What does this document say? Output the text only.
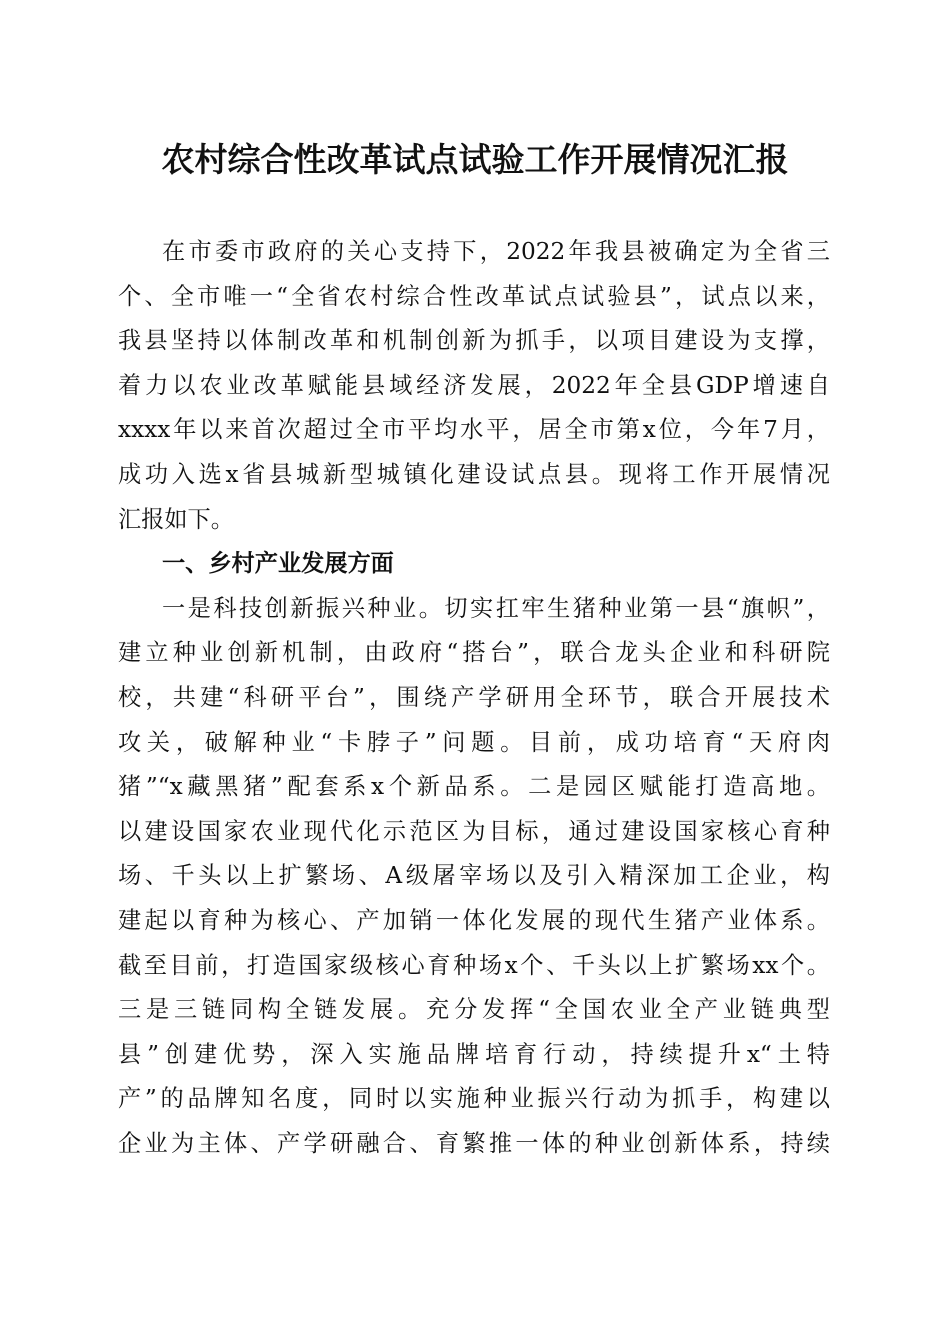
农村综合性改革试点试验工作开展情况汇报
在市委市政府的关心支持下，2022年我县被确定为全省三
个、全市唯一“全省农村综合性改革试点试验县”，试点以来，
我县坚持以体制改革和机制创新为抓手，以项目建设为支撑，
着力以农业改革赋能县域经济发展，2022年全县GDP增速自
xxxx年以来首次超过全市平均水平，居全市第x位，今年7月，
成功入选x省县城新型城镇化建设试点县。现将工作开展情况
汇报如下。
一、乡村产业发展方面
一是科技创新振兴种业。切实扛牢生猪种业第一县“旗帜”，
建立种业创新机制，由政府“搭台”，联合龙头企业和科研院
校，共建“科研平台”，围绕产学研用全环节，联合开展技术
攻关，破解种业“卡脖子”问题。目前，成功培育“天府肉
猪”“x藏黑猪”配套系x个新品系。二是园区赋能打造高地。
以建设国家农业现代化示范区为目标，通过建设国家核心育种
场、千头以上扩繁场、A级屠宰场以及引入精深加工企业，构
建起以育种为核心、产加销一体化发展的现代生猪产业体系。
截至目前，打造国家级核心育种场x个、千头以上扩繁场xx个。
三是三链同构全链发展。充分发挥“全国农业全产业链典型
县”创建优势，深入实施品牌培育行动，持续提升x“土特
产”的品牌知名度，同时以实施种业振兴行动为抓手，构建以
企业为主体、产学研融合、育繁推一体的种业创新体系，持续
